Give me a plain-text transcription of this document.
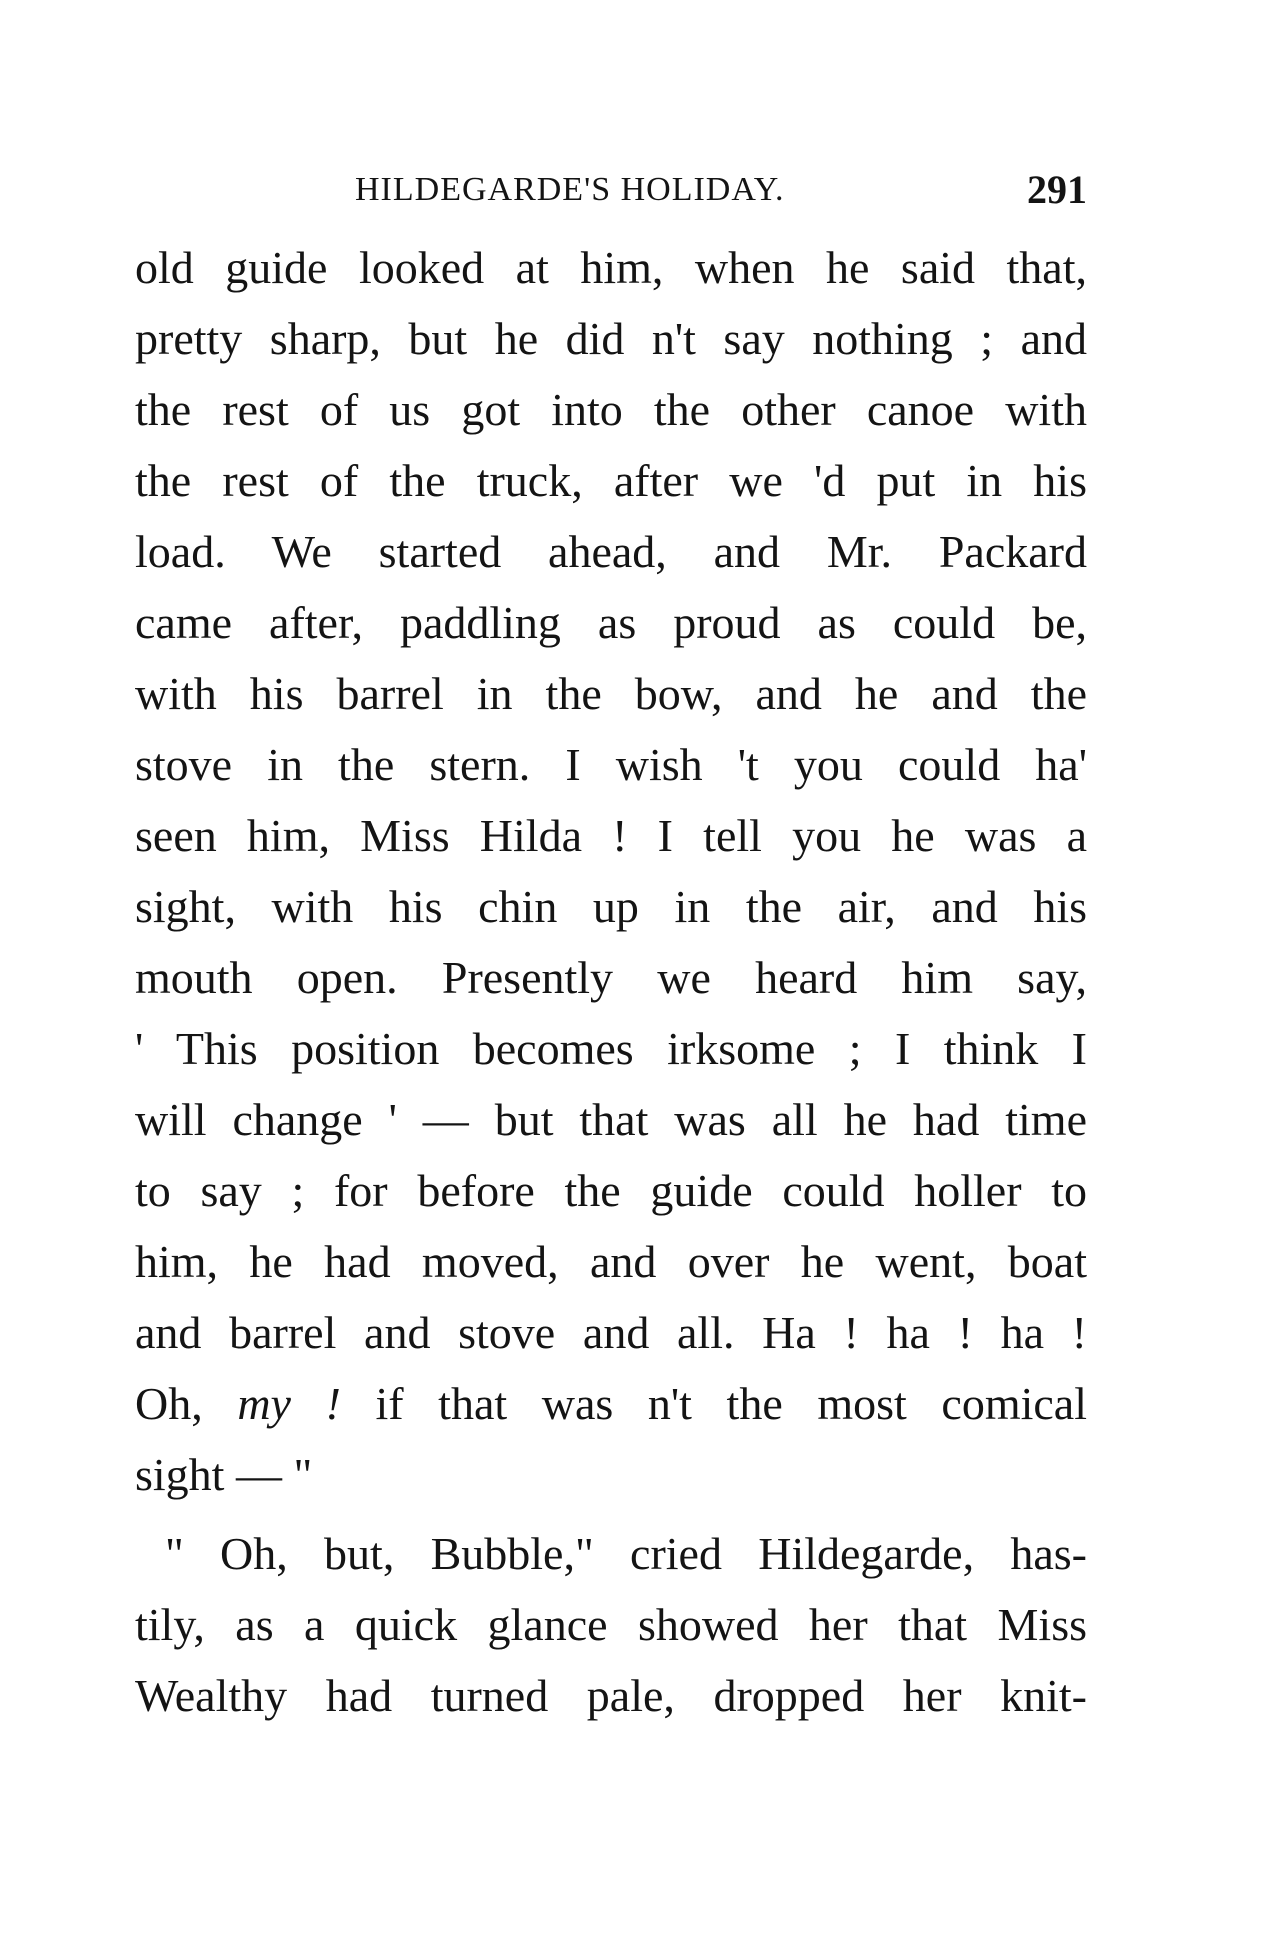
HILDEGARDE'S HOLIDAY.	291
old guide looked at him, when he said that,
pretty sharp, but he did n't say nothing ; and
the rest of us got into the other canoe with
the rest of the truck, after we 'd put in his
load. We started ahead, and Mr. Packard
came after, paddling as proud as could be,
with his barrel in the bow, and he and the
stove in the stern. I wish 't you could ha'
seen him, Miss Hilda ! I tell you he was a
sight, with his chin up in the air, and his
mouth open. Presently we heard him say,
' This position becomes irksome ; I think I
will change ' — but that was all he had time
to say ; for before the guide could holler to
him, he had moved, and over he went, boat
and barrel and stove and all. Ha ! ha ! ha !
Oh, my ! if that was n't the most comical
sight — "
" Oh, but, Bubble," cried Hildegarde, has-
tily, as a quick glance showed her that Miss
Wealthy had turned pale, dropped her knit-
